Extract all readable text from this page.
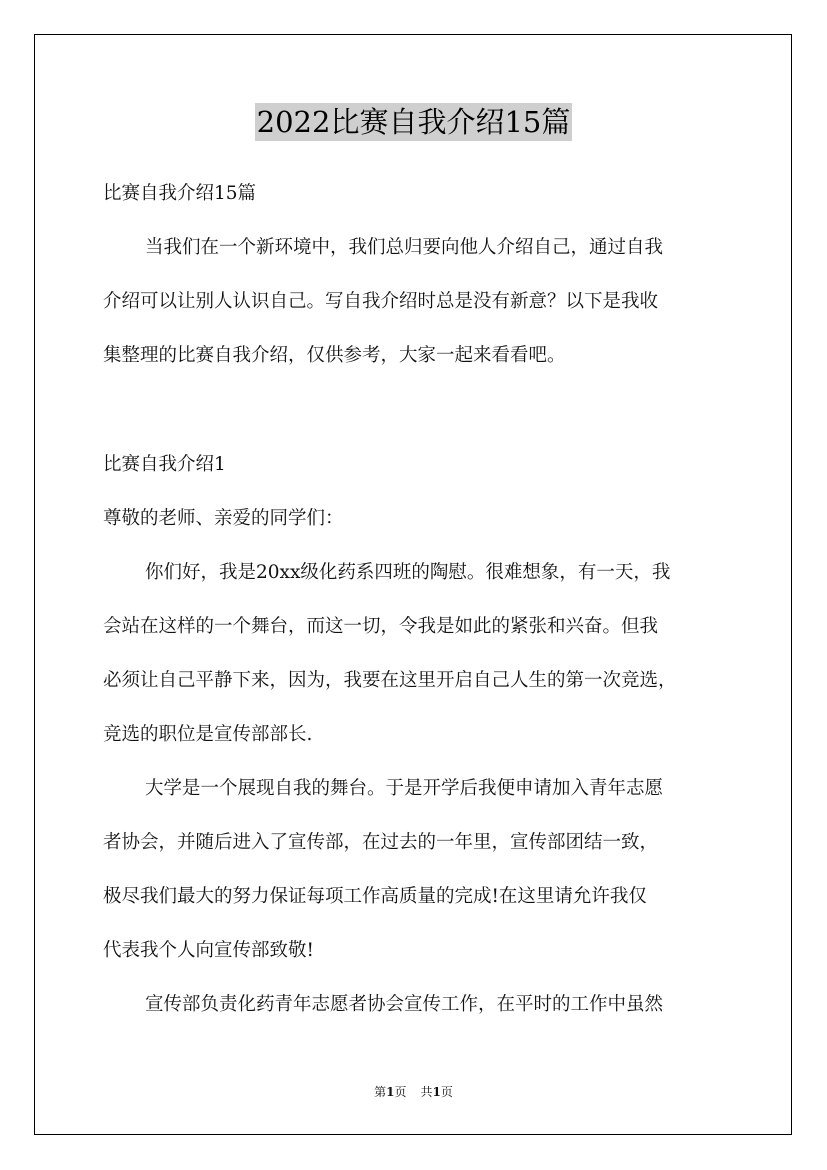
2022比赛自我介绍15篇
比赛自我介绍15篇
当我们在一个新环境中，我们总归要向他人介绍自己，通过自我
介绍可以让别人认识自己。写自我介绍时总是没有新意？以下是我收
集整理的比赛自我介绍，仅供参考，大家一起来看看吧。
比赛自我介绍1
尊敬的老师、亲爱的同学们：
你们好，我是20xx级化药系四班的陶慰。很难想象，有一天，我
会站在这样的一个舞台，而这一切，令我是如此的紧张和兴奋。但我
必须让自己平静下来，因为，我要在这里开启自己人生的第一次竞选，
竞选的职位是宣传部部长.
大学是一个展现自我的舞台。于是开学后我便申请加入青年志愿
者协会，并随后进入了宣传部，在过去的一年里，宣传部团结一致，
极尽我们最大的努力保证每项工作高质量的完成!在这里请允许我仅
代表我个人向宣传部致敬!
宣传部负责化药青年志愿者协会宣传工作，在平时的工作中虽然
第1页 共1页
